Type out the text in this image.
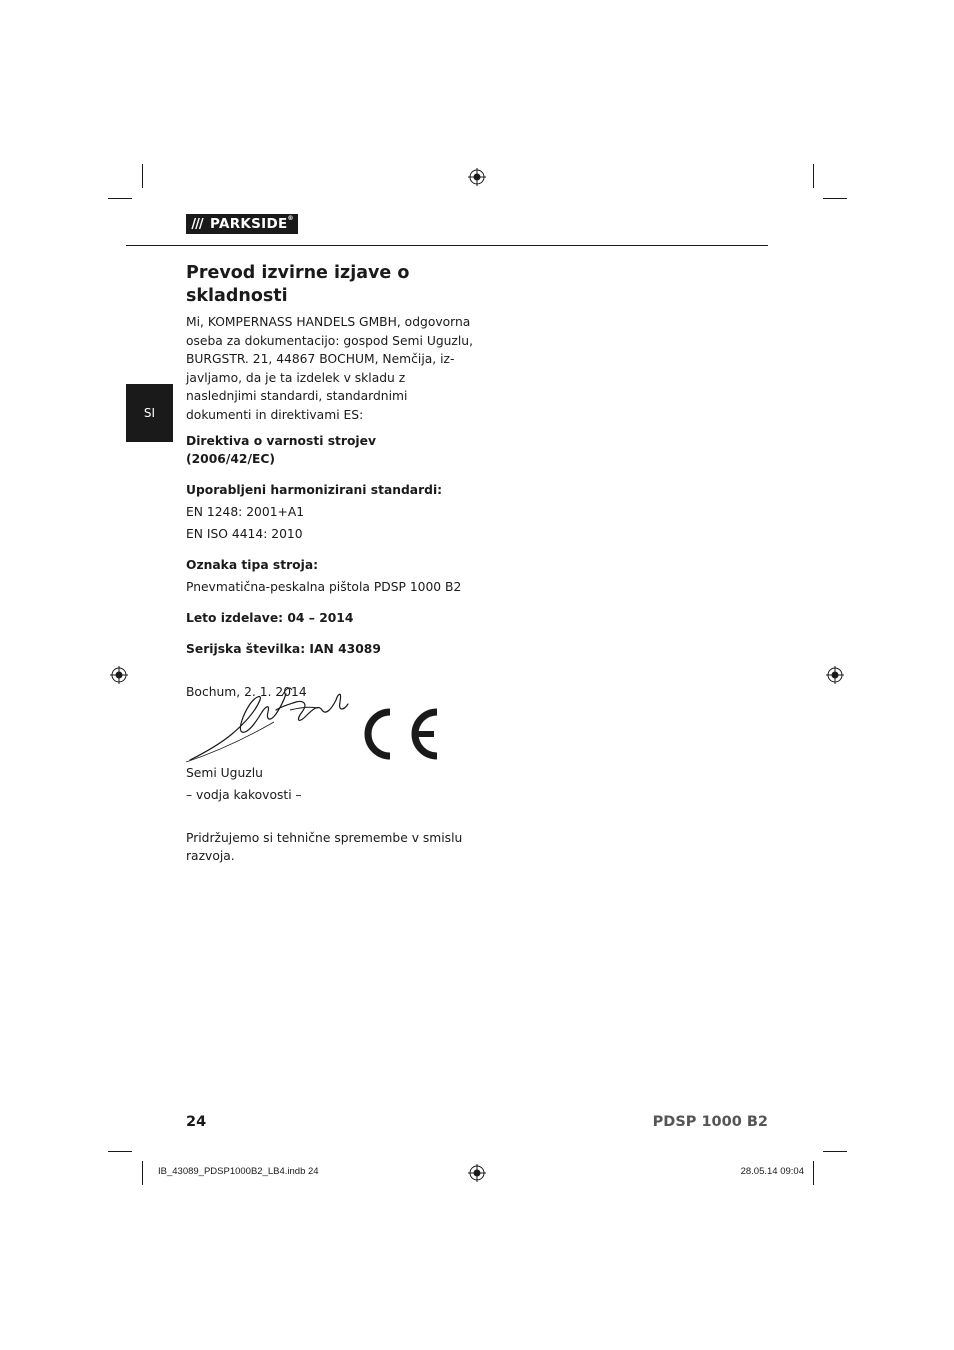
/// PARKSIDE®
SI
Prevod izvirne izjave o skladnosti

Mi, KOMPERNASS HANDELS GMBH, odgovorna oseba za dokumentacijo: gospod Semi Uguzlu, BURGSTR. 21, 44867 BOCHUM, Nemčija, iz-javljamo, da je ta izdelek v skladu z naslednjimi standardi, standardnimi dokumenti in direktivami ES:

Direktiva o varnosti strojev

(2006/42/EC)

Uporabljeni harmonizirani standardi:

EN 1248: 2001+A1

EN ISO 4414: 2010

Oznaka tipa stroja:

Pnevmatična-peskalna pištola PDSP 1000 B2

Leto izdelave: 04 – 2014

Serijska številka: IAN 43089

Bochum, 2. 1. 2014

Semi Uguzlu

– vodja kakovosti –

Pridržujemo si tehnične spremembe v smislu

razvoja.

24	PDSP 1000 B2
IB_43089_PDSP1000B2_LB4.indb 24	28.05.14 09:04
